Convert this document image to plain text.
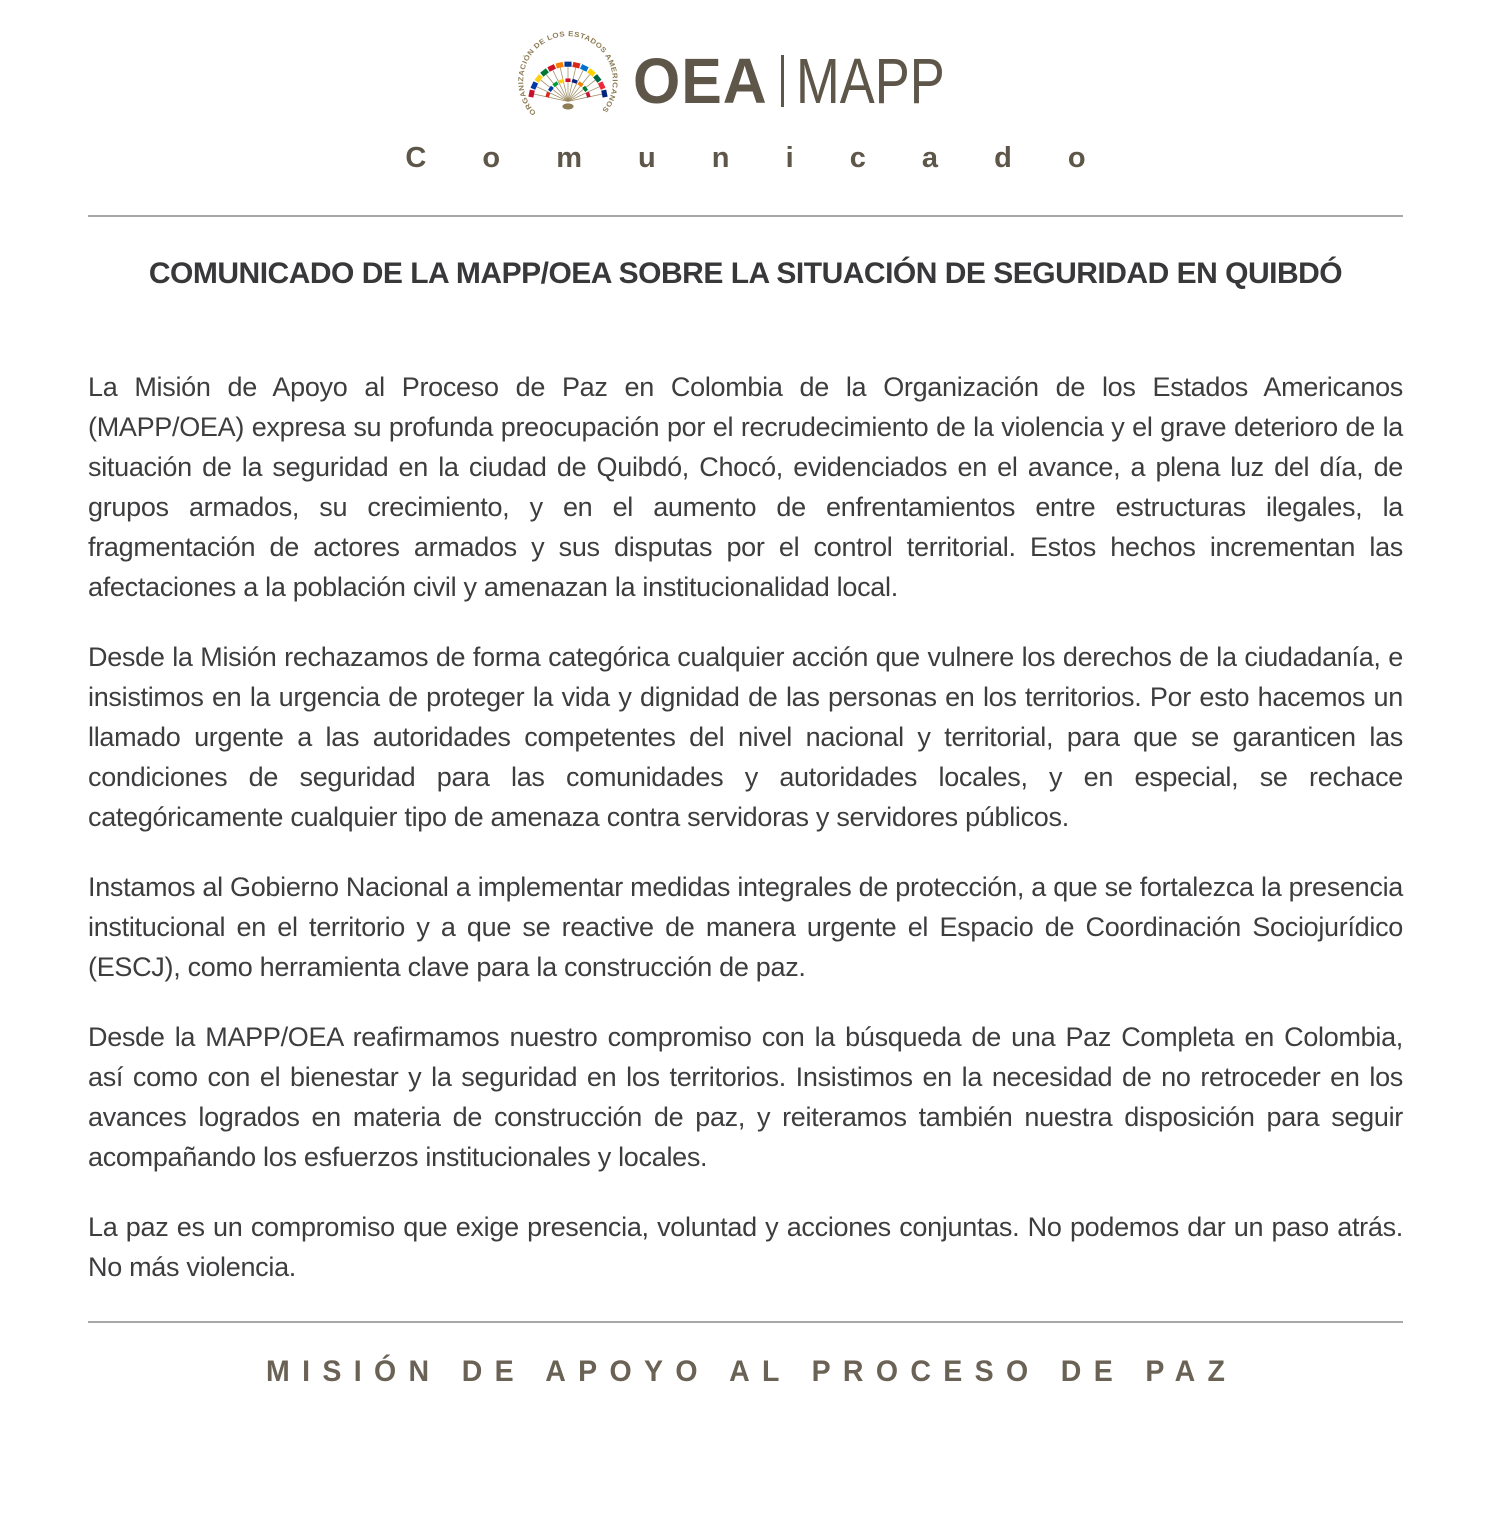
ORGANIZACIÓN DE LOS ESTADOS AMERICANOS OEA MAPP
C o m u n i c a d o
COMUNICADO DE LA MAPP/OEA SOBRE LA SITUACIÓN DE SEGURIDAD EN QUIBDÓ

La Misión de Apoyo al Proceso de Paz en Colombia de la Organización de los Estados Americanos (MAPP/OEA) expresa su profunda preocupación por el recrudecimiento de la violencia y el grave deterioro de la situación de la seguridad en la ciudad de Quibdó, Chocó, evidenciados en el avance, a plena luz del día, de grupos armados, su crecimiento, y en el aumento de enfrentamientos entre estructuras ilegales, la fragmentación de actores armados y sus disputas por el control territorial. Estos hechos incrementan las afectaciones a la población civil y amenazan la institucionalidad local.

Desde la Misión rechazamos de forma categórica cualquier acción que vulnere los derechos de la ciudadanía, e insistimos en la urgencia de proteger la vida y dignidad de las personas en los territorios. Por esto hacemos un llamado urgente a las autoridades competentes del nivel nacional y territorial, para que se garanticen las condiciones de seguridad para las comunidades y autoridades locales, y en especial, se rechace categóricamente cualquier tipo de amenaza contra servidoras y servidores públicos.

Instamos al Gobierno Nacional a implementar medidas integrales de protección, a que se fortalezca la presencia institucional en el territorio y a que se reactive de manera urgente el Espacio de Coordinación Sociojurídico (ESCJ), como herramienta clave para la construcción de paz.

Desde la MAPP/OEA reafirmamos nuestro compromiso con la búsqueda de una Paz Completa en Colombia, así como con el bienestar y la seguridad en los territorios. Insistimos en la necesidad de no retroceder en los avances logrados en materia de construcción de paz, y reiteramos también nuestra disposición para seguir acompañando los esfuerzos institucionales y locales.

La paz es un compromiso que exige presencia, voluntad y acciones conjuntas. No podemos dar un paso atrás. No más violencia.

MISIÓN DE APOYO AL PROCESO DE PAZ
